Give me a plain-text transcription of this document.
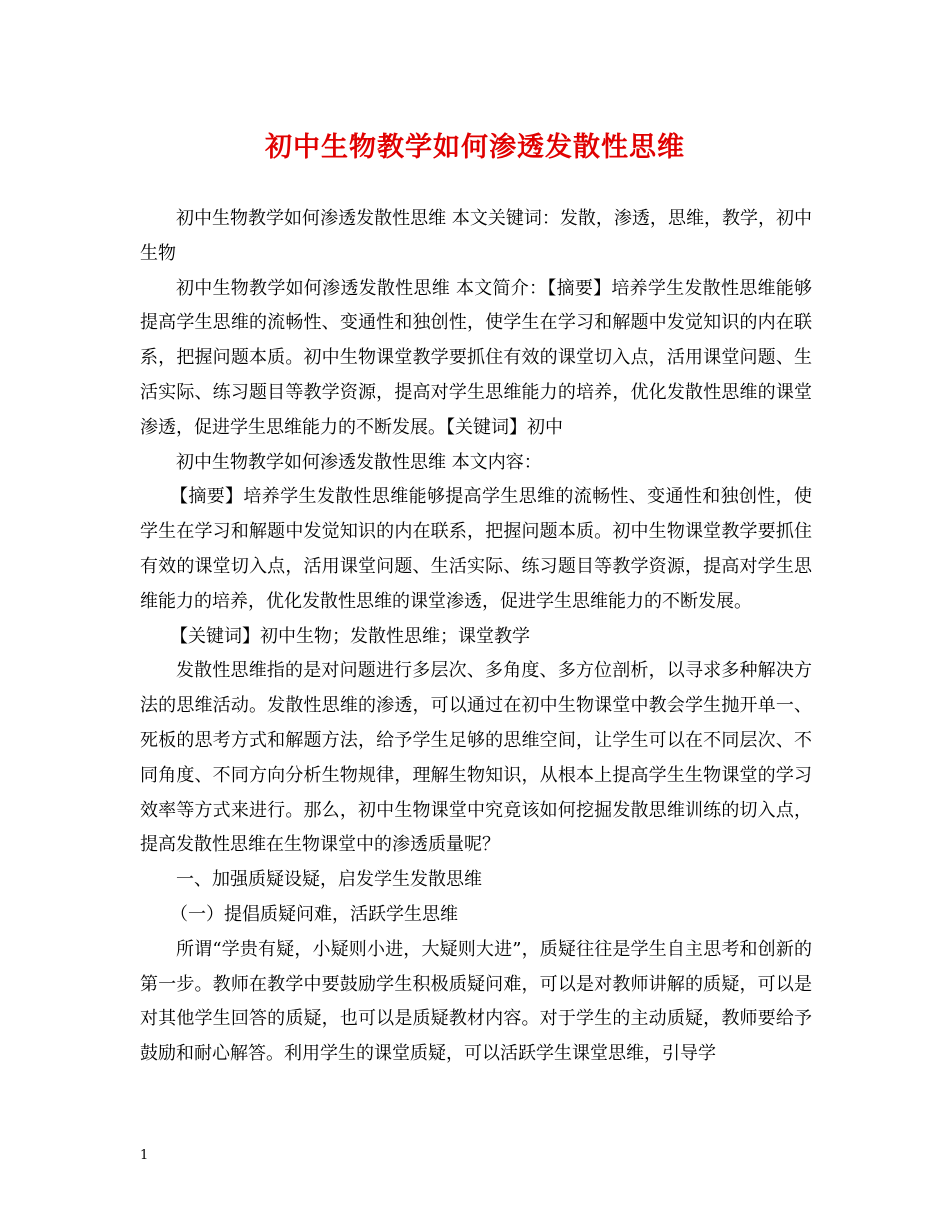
初中生物教学如何渗透发散性思维

初中生物教学如何渗透发散性思维 本文关键词：发散，渗透，思维，教学，初中生物

初中生物教学如何渗透发散性思维 本文简介：【摘要】培养学生发散性思维能够提高学生思维的流畅性、变通性和独创性，使学生在学习和解题中发觉知识的内在联系，把握问题本质。初中生物课堂教学要抓住有效的课堂切入点，活用课堂问题、生活实际、练习题目等教学资源，提高对学生思维能力的培养，优化发散性思维的课堂渗透，促进学生思维能力的不断发展。【关键词】初中

初中生物教学如何渗透发散性思维 本文内容：

【摘要】培养学生发散性思维能够提高学生思维的流畅性、变通性和独创性，使学生在学习和解题中发觉知识的内在联系，把握问题本质。初中生物课堂教学要抓住有效的课堂切入点，活用课堂问题、生活实际、练习题目等教学资源，提高对学生思维能力的培养，优化发散性思维的课堂渗透，促进学生思维能力的不断发展。

【关键词】初中生物；发散性思维；课堂教学

发散性思维指的是对问题进行多层次、多角度、多方位剖析，以寻求多种解决方法的思维活动。发散性思维的渗透，可以通过在初中生物课堂中教会学生抛开单一、死板的思考方式和解题方法，给予学生足够的思维空间，让学生可以在不同层次、不同角度、不同方向分析生物规律，理解生物知识，从根本上提高学生生物课堂的学习效率等方式来进行。那么，初中生物课堂中究竟该如何挖掘发散思维训练的切入点，提高发散性思维在生物课堂中的渗透质量呢？

一、加强质疑设疑，启发学生发散思维

（一）提倡质疑问难，活跃学生思维

所谓“学贵有疑，小疑则小进，大疑则大进”，质疑往往是学生自主思考和创新的第一步。教师在教学中要鼓励学生积极质疑问难，可以是对教师讲解的质疑，可以是对其他学生回答的质疑，也可以是质疑教材内容。对于学生的主动质疑，教师要给予鼓励和耐心解答。利用学生的课堂质疑，可以活跃学生课堂思维，引导学

1
